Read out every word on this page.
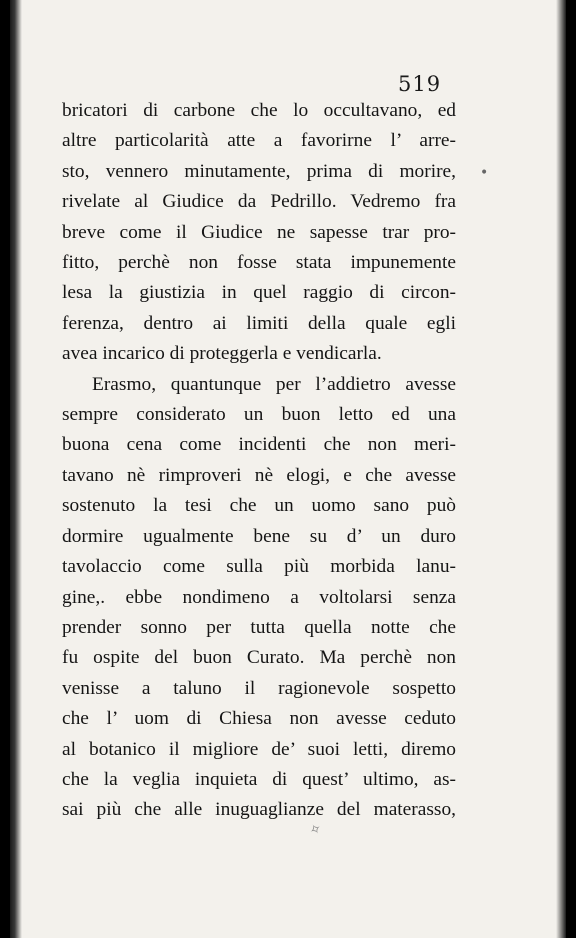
519
bricatori di carbone che lo occultavano, ed
altre particolarità atte a favorirne l’ arre-
sto, vennero minutamente, prima di morire,
rivelate al Giudice da Pedrillo. Vedremo fra
breve come il Giudice ne sapesse trar pro-
fitto, perchè non fosse stata impunemente
lesa la giustizia in quel raggio di circon-
ferenza, dentro ai limiti della quale egli
avea incarico di proteggerla e vendicarla.
Erasmo, quantunque per l’addietro avesse
sempre considerato un buon letto ed una
buona cena come incidenti che non meri-
tavano nè rimproveri nè elogi, e che avesse
sostenuto la tesi che un uomo sano può
dormire ugualmente bene su d’ un duro
tavolaccio come sulla più morbida lanu-
gine,. ebbe nondimeno a voltolarsi senza
prender sonno per tutta quella notte che
fu ospite del buon Curato. Ma perchè non
venisse a taluno il ragionevole sospetto
che l’ uom di Chiesa non avesse ceduto
al botanico il migliore de’ suoi letti, diremo
che la veglia inquieta di quest’ ultimo, as-
sai più che alle inuguaglianze del materasso,
•
✧
